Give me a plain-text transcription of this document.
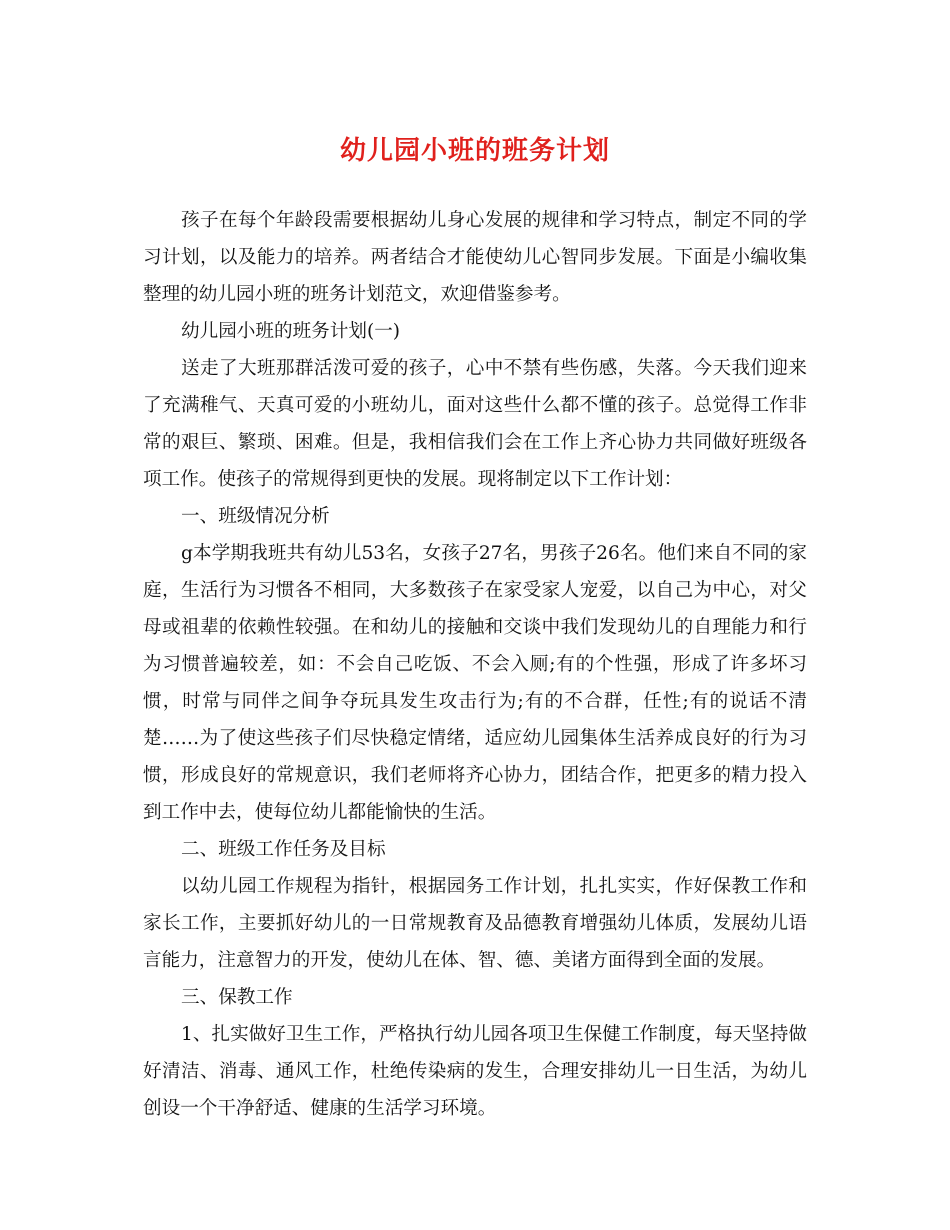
幼儿园小班的班务计划

孩子在每个年龄段需要根据幼儿身心发展的规律和学习特点，制定不同的学习计划，以及能力的培养。两者结合才能使幼儿心智同步发展。下面是小编收集整理的幼儿园小班的班务计划范文，欢迎借鉴参考。

幼儿园小班的班务计划(一)

送走了大班那群活泼可爱的孩子，心中不禁有些伤感，失落。今天我们迎来了充满稚气、天真可爱的小班幼儿，面对这些什么都不懂的孩子。总觉得工作非常的艰巨、繁琐、困难。但是，我相信我们会在工作上齐心协力共同做好班级各项工作。使孩子的常规得到更快的发展。现将制定以下工作计划：

一、班级情况分析

g本学期我班共有幼儿53名，女孩子27名，男孩子26名。他们来自不同的家庭，生活行为习惯各不相同，大多数孩子在家受家人宠爱，以自己为中心，对父母或祖辈的依赖性较强。在和幼儿的接触和交谈中我们发现幼儿的自理能力和行为习惯普遍较差，如：不会自己吃饭、不会入厕;有的个性强，形成了许多坏习惯，时常与同伴之间争夺玩具发生攻击行为;有的不合群，任性;有的说话不清楚……为了使这些孩子们尽快稳定情绪，适应幼儿园集体生活养成良好的行为习惯，形成良好的常规意识，我们老师将齐心协力，团结合作，把更多的精力投入到工作中去，使每位幼儿都能愉快的生活。

二、班级工作任务及目标

以幼儿园工作规程为指针，根据园务工作计划，扎扎实实，作好保教工作和家长工作，主要抓好幼儿的一日常规教育及品德教育增强幼儿体质，发展幼儿语言能力，注意智力的开发，使幼儿在体、智、德、美诸方面得到全面的发展。

三、保教工作

1、扎实做好卫生工作，严格执行幼儿园各项卫生保健工作制度，每天坚持做好清洁、消毒、通风工作，杜绝传染病的发生，合理安排幼儿一日生活，为幼儿创设一个干净舒适、健康的生活学习环境。
